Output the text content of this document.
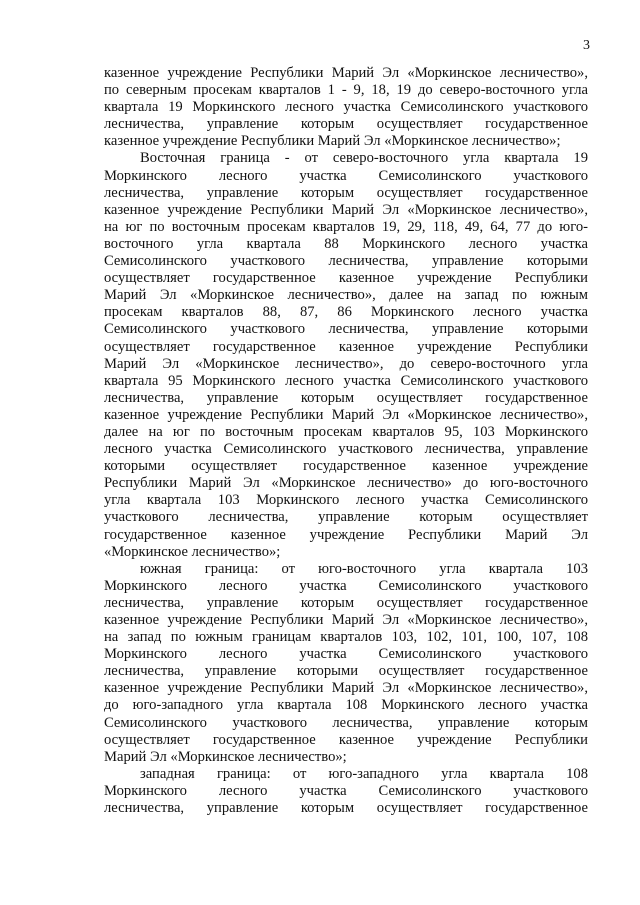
3
казенное учреждение Республики Марий Эл «Моркинское лесничество»,
по северным просекам кварталов 1 - 9, 18, 19 до северо-восточного угла
квартала 19 Моркинского лесного участка Семисолинского участкового
лесничества, управление которым осуществляет государственное
казенное учреждение Республики Марий Эл «Моркинское лесничество»;
Восточная граница - от северо-восточного угла квартала 19
Моркинского лесного участка Семисолинского участкового
лесничества, управление которым осуществляет государственное
казенное учреждение Республики Марий Эл «Моркинское лесничество»,
на юг по восточным просекам кварталов 19, 29, 118, 49, 64, 77 до юго-
восточного угла квартала 88 Моркинского лесного участка
Семисолинского участкового лесничества, управление которыми
осуществляет государственное казенное учреждение Республики
Марий Эл «Моркинское лесничество», далее на запад по южным
просекам кварталов 88, 87, 86 Моркинского лесного участка
Семисолинского участкового лесничества, управление которыми
осуществляет государственное казенное учреждение Республики
Марий Эл «Моркинское лесничество», до северо-восточного угла
квартала 95 Моркинского лесного участка Семисолинского участкового
лесничества, управление которым осуществляет государственное
казенное учреждение Республики Марий Эл «Моркинское лесничество»,
далее на юг по восточным просекам кварталов 95, 103 Моркинского
лесного участка Семисолинского участкового лесничества, управление
которыми осуществляет государственное казенное учреждение
Республики Марий Эл «Моркинское лесничество» до юго-восточного
угла квартала 103 Моркинского лесного участка Семисолинского
участкового лесничества, управление которым осуществляет
государственное казенное учреждение Республики Марий Эл
«Моркинское лесничество»;
южная граница: от юго-восточного угла квартала 103
Моркинского лесного участка Семисолинского участкового
лесничества, управление которым осуществляет государственное
казенное учреждение Республики Марий Эл «Моркинское лесничество»,
на запад по южным границам кварталов 103, 102, 101, 100, 107, 108
Моркинского лесного участка Семисолинского участкового
лесничества, управление которыми осуществляет государственное
казенное учреждение Республики Марий Эл «Моркинское лесничество»,
до юго-западного угла квартала 108 Моркинского лесного участка
Семисолинского участкового лесничества, управление которым
осуществляет государственное казенное учреждение Республики
Марий Эл «Моркинское лесничество»;
западная граница: от юго-западного угла квартала 108
Моркинского лесного участка Семисолинского участкового
лесничества, управление которым осуществляет государственное
